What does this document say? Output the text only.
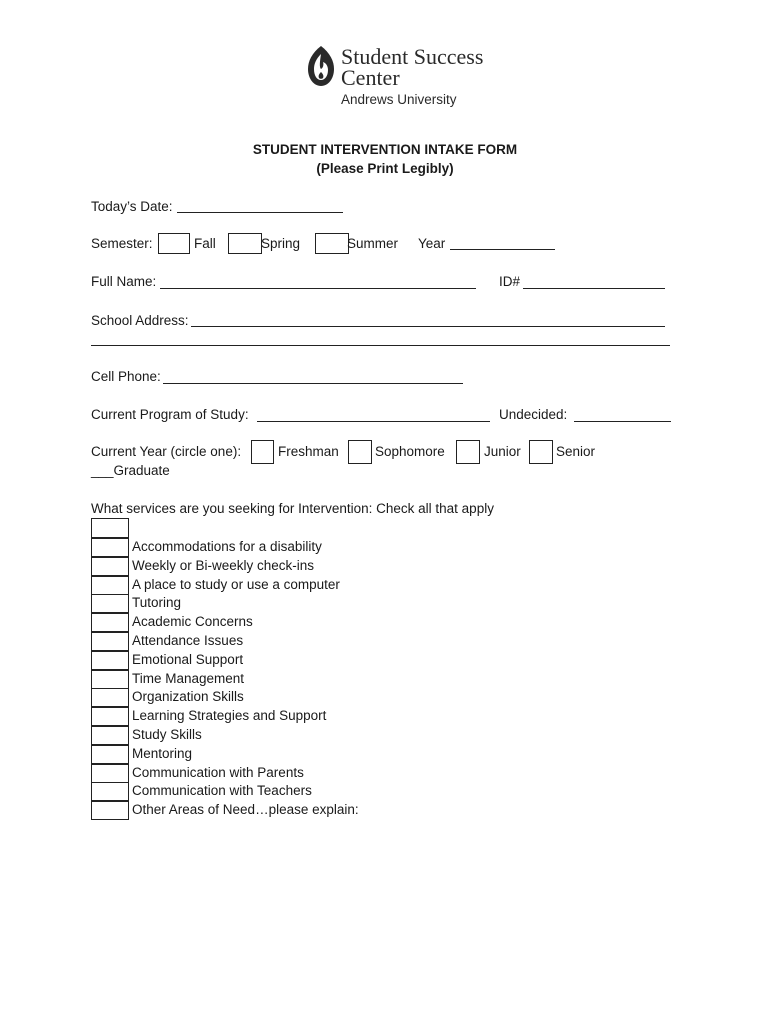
Student Success
Center
Andrews University
STUDENT INTERVENTION INTAKE FORM
(Please Print Legibly)
Today’s Date:
Semester:	Fall	Spring	Summer Year
Full Name:	ID#
School Address:
Cell Phone:
Current Program of Study:	Undecided:
Current Year (circle one):	Freshman	Sophomore	Junior	Senior
___Graduate
What services are you seeking for Intervention: Check all that apply
Accommodations for a disability
Weekly or Bi-weekly check-ins
A place to study or use a computer
Tutoring
Academic Concerns
Attendance Issues
Emotional Support
Time Management
Organization Skills
Learning Strategies and Support
Study Skills
Mentoring
Communication with Parents
Communication with Teachers
Other Areas of Need…please explain:
